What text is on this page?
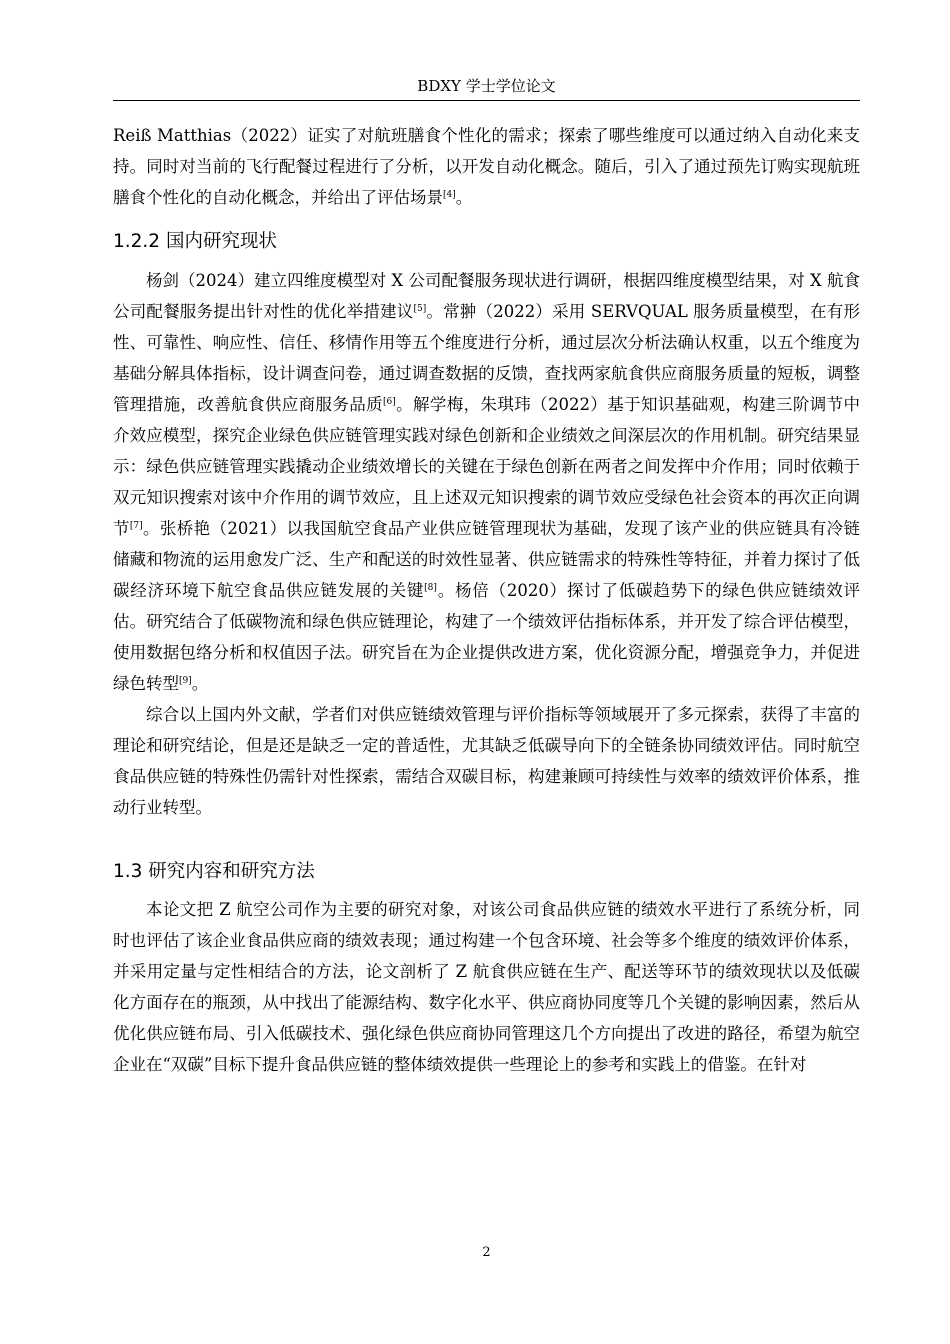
BDXY 学士学位论文

Reiß Matthias（2022）证实了对航班膳食个性化的需求；探索了哪些维度可以通过纳入自动化来支持。同时对当前的飞行配餐过程进行了分析，以开发自动化概念。随后，引入了通过预先订购实现航班膳食个性化的自动化概念，并给出了评估场景[4]。

1.2.2 国内研究现状

杨剑（2024）建立四维度模型对 X 公司配餐服务现状进行调研，根据四维度模型结果，对 X 航食公司配餐服务提出针对性的优化举措建议[5]。常翀（2022）采用 SERVQUAL 服务质量模型，在有形性、可靠性、响应性、信任、移情作用等五个维度进行分析，通过层次分析法确认权重，以五个维度为基础分解具体指标，设计调查问卷，通过调查数据的反馈，查找两家航食供应商服务质量的短板，调整管理措施，改善航食供应商服务品质[6]。解学梅，朱琪玮（2022）基于知识基础观，构建三阶调节中介效应模型，探究企业绿色供应链管理实践对绿色创新和企业绩效之间深层次的作用机制。研究结果显示：绿色供应链管理实践撬动企业绩效增长的关键在于绿色创新在两者之间发挥中介作用；同时依赖于双元知识搜索对该中介作用的调节效应，且上述双元知识搜索的调节效应受绿色社会资本的再次正向调节[7]。张桥艳（2021）以我国航空食品产业供应链管理现状为基础，发现了该产业的供应链具有冷链储藏和物流的运用愈发广泛、生产和配送的时效性显著、供应链需求的特殊性等特征，并着力探讨了低碳经济环境下航空食品供应链发展的关键[8]。杨倍（2020）探讨了低碳趋势下的绿色供应链绩效评估。研究结合了低碳物流和绿色供应链理论，构建了一个绩效评估指标体系，并开发了综合评估模型，使用数据包络分析和权值因子法。研究旨在为企业提供改进方案，优化资源分配，增强竞争力，并促进绿色转型[9]。

综合以上国内外文献，学者们对供应链绩效管理与评价指标等领域展开了多元探索，获得了丰富的理论和研究结论，但是还是缺乏一定的普适性，尤其缺乏低碳导向下的全链条协同绩效评估。同时航空食品供应链的特殊性仍需针对性探索，需结合双碳目标，构建兼顾可持续性与效率的绩效评价体系，推动行业转型。

1.3 研究内容和研究方法

本论文把 Z 航空公司作为主要的研究对象，对该公司食品供应链的绩效水平进行了系统分析，同时也评估了该企业食品供应商的绩效表现；通过构建一个包含环境、社会等多个维度的绩效评价体系，并采用定量与定性相结合的方法，论文剖析了 Z 航食供应链在生产、配送等环节的绩效现状以及低碳化方面存在的瓶颈，从中找出了能源结构、数字化水平、供应商协同度等几个关键的影响因素，然后从优化供应链布局、引入低碳技术、强化绿色供应商协同管理这几个方向提出了改进的路径，希望为航空企业在“双碳”目标下提升食品供应链的整体绩效提供一些理论上的参考和实践上的借鉴。在针对

2
